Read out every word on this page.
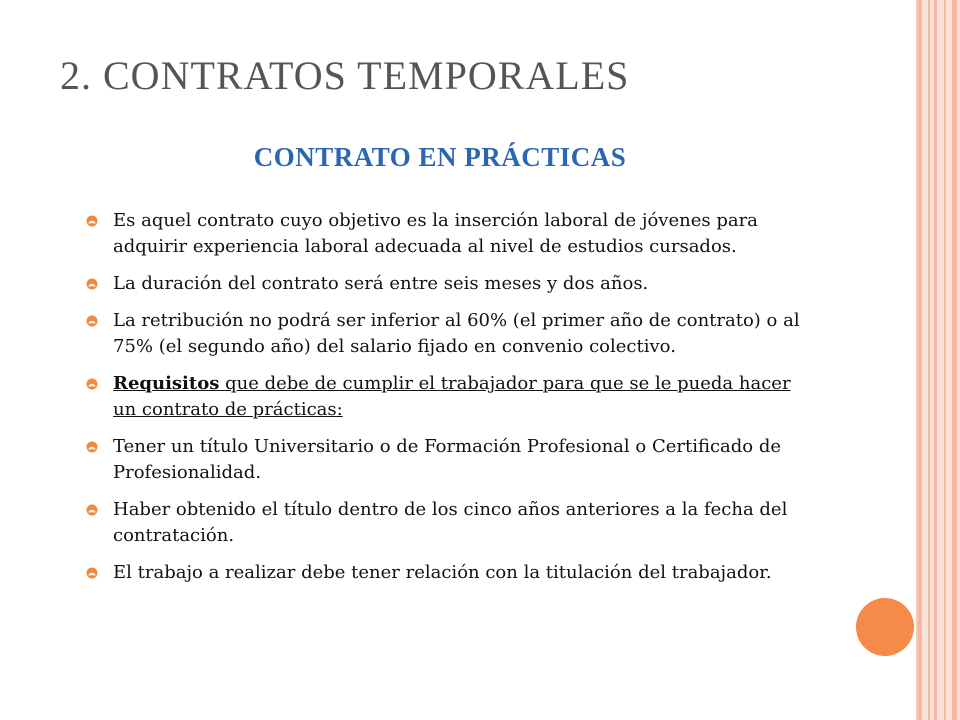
2. CONTRATOS TEMPORALES
CONTRATO EN PRÁCTICAS
Es aquel contrato cuyo objetivo es la inserción laboral de jóvenes para adquirir experiencia laboral adecuada al nivel de estudios cursados.
La duración del contrato será entre seis meses y dos años.
La retribución no podrá ser inferior al 60% (el primer año de contrato) o al 75% (el segundo año) del salario fijado en convenio colectivo.
Requisitos que debe de cumplir el trabajador para que se le pueda hacer un contrato de prácticas:
Tener un título Universitario o de Formación Profesional o Certificado de Profesionalidad.
Haber obtenido el título dentro de los cinco años anteriores a la fecha del contratación.
El trabajo a realizar debe tener relación con la titulación del trabajador.
